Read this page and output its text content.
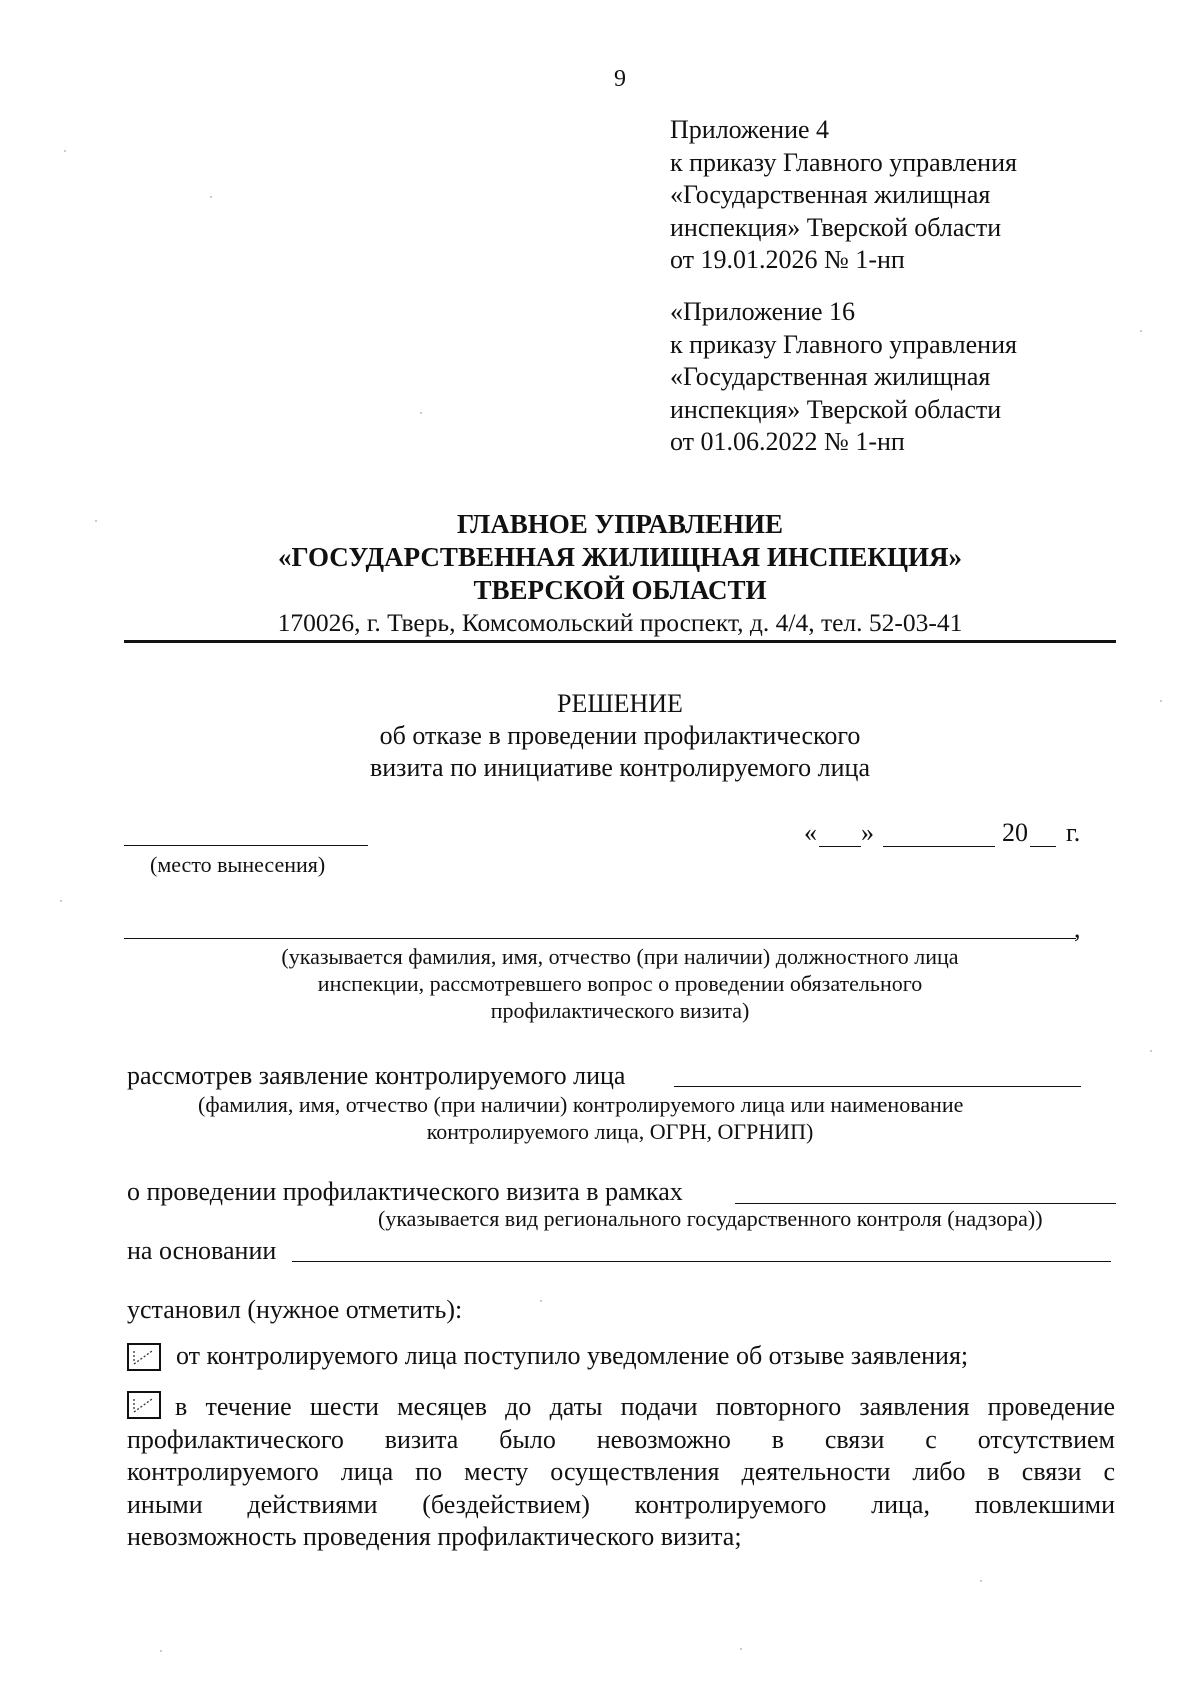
9
Приложение 4
к приказу Главного управления
«Государственная жилищная
инспекция» Тверской области
от 19.01.2026 № 1-нп
«Приложение 16
к приказу Главного управления
«Государственная жилищная
инспекция» Тверской области
от 01.06.2022 № 1-нп
ГЛАВНОЕ УПРАВЛЕНИЕ
«ГОСУДАРСТВЕННАЯ ЖИЛИЩНАЯ ИНСПЕКЦИЯ»
ТВЕРСКОЙ ОБЛАСТИ
170026, г. Тверь, Комсомольский проспект, д. 4/4, тел. 52-03-41
РЕШЕНИЕ
об отказе в проведении профилактического
визита по инициативе контролируемого лица
(место вынесения)
« »	20 г.
,
(указывается фамилия, имя, отчество (при наличии) должностного лица
инспекции, рассмотревшего вопрос о проведении обязательного
профилактического визита)
рассмотрев заявление контролируемого лица
(фамилия, имя, отчество (при наличии) контролируемого лица или наименование
контролируемого лица, ОГРН, ОГРНИП)
о проведении профилактического визита в рамках
(указывается вид регионального государственного контроля (надзора))
на основании
установил (нужное отметить):
от контролируемого лица поступило уведомление об отзыве заявления;
в течение шести месяцев до даты подачи повторного заявления проведение
профилактического визита было невозможно в связи с отсутствием
контролируемого лица по месту осуществления деятельности либо в связи с
иными действиями (бездействием) контролируемого лица, повлекшими
невозможность проведения профилактического визита;
